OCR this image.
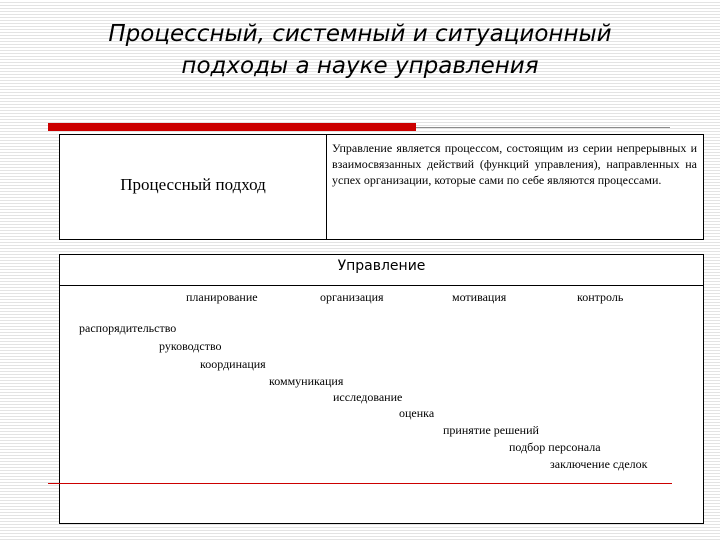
Процессный, системный и ситуационный
подходы а науке управления
Процессный подход
Управление является процессом, состоящим из серии непрерывных и взаимосвязанных действий (функций управления), направленных на успех организации, которые сами по себе являются процессами.
Управление
планирование	организация	мотивация	контроль
распорядительство
руководство
координация
коммуникация
исследование
оценка
принятие решений
подбор персонала
заключение сделок
